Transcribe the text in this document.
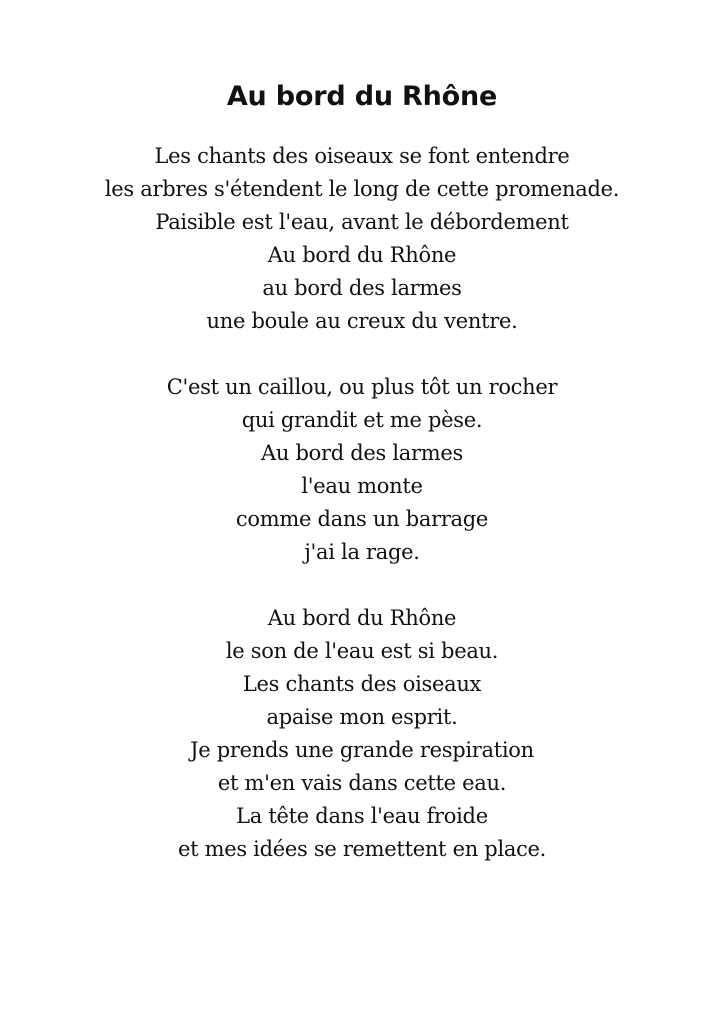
Au bord du Rhône
Les chants des oiseaux se font entendre
les arbres s'étendent le long de cette promenade.
Paisible est l'eau, avant le débordement
Au bord du Rhône
au bord des larmes
une boule au creux du ventre.
C'est un caillou, ou plus tôt un rocher
qui grandit et me pèse.
Au bord des larmes
l'eau monte
comme dans un barrage
j'ai la rage.
Au bord du Rhône
le son de l'eau est si beau.
Les chants des oiseaux
apaise mon esprit.
Je prends une grande respiration
et m'en vais dans cette eau.
La tête dans l'eau froide
et mes idées se remettent en place.
